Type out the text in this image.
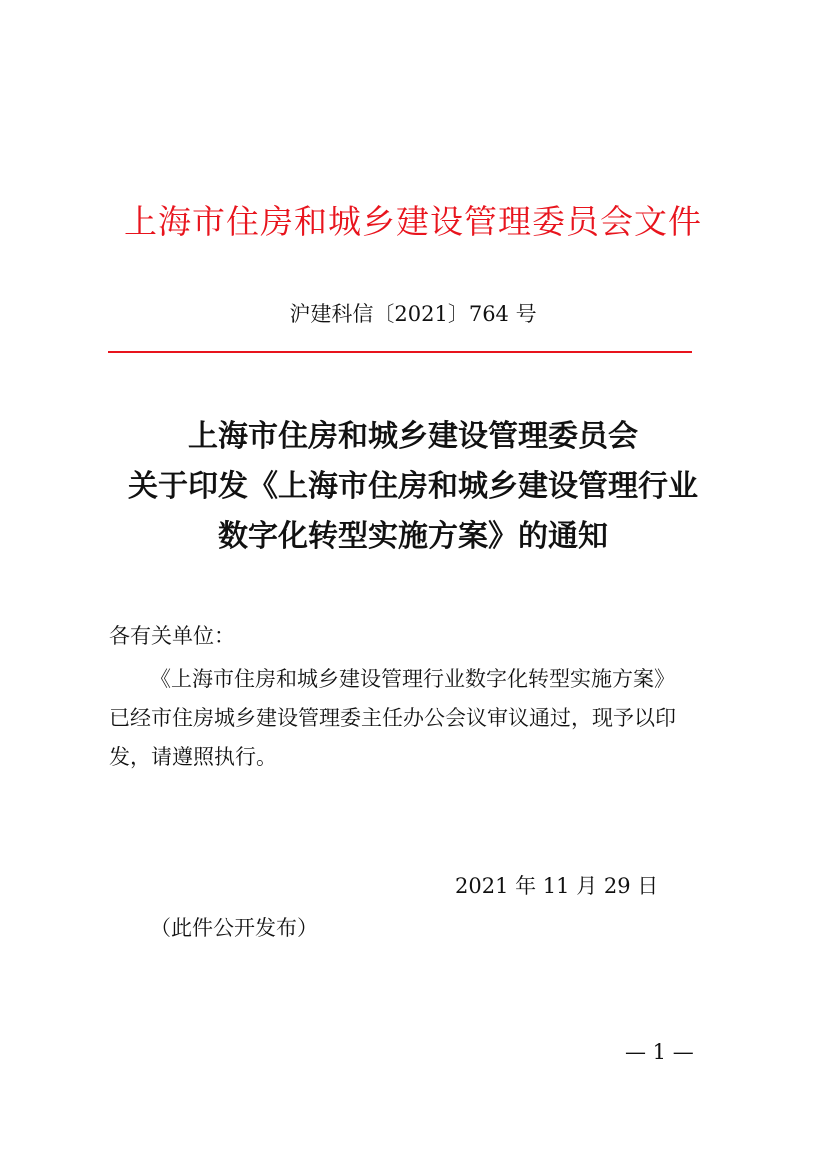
上海市住房和城乡建设管理委员会文件
沪建科信〔2021〕764 号
上海市住房和城乡建设管理委员会
关于印发《上海市住房和城乡建设管理行业
数字化转型实施方案》的通知
各有关单位：
《上海市住房和城乡建设管理行业数字化转型实施方案》
已经市住房城乡建设管理委主任办公会议审议通过，现予以印
发，请遵照执行。
2021 年 11 月 29 日
（此件公开发布）
— 1 —
